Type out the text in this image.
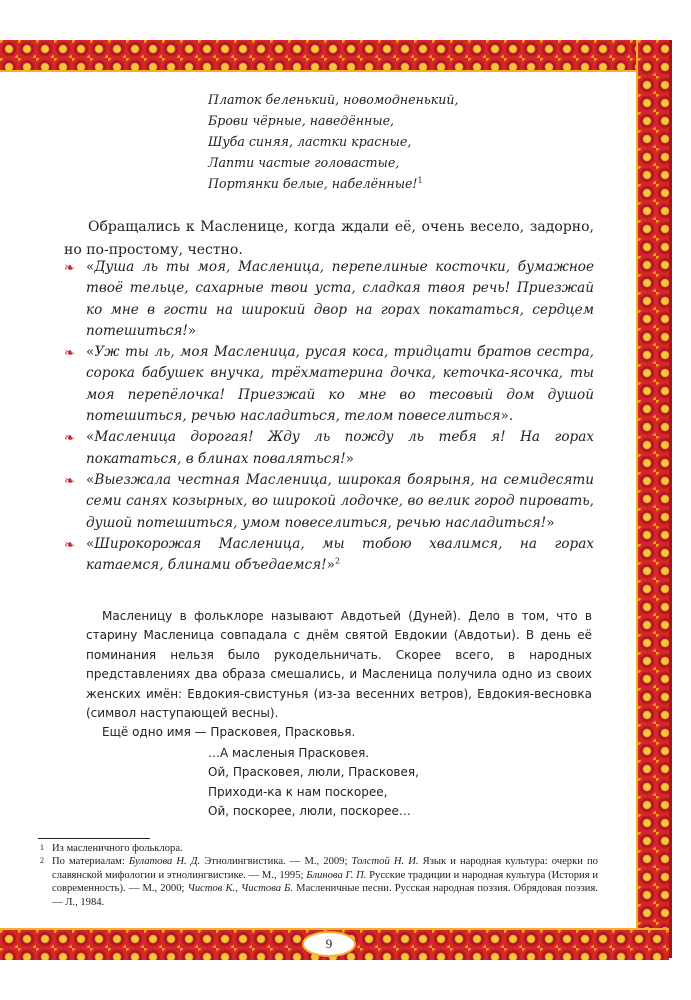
Платок беленький, новомодненький,
Брови чёрные, наведённые,
Шуба синяя, ластки красные,
Лапти частые головастые,
Портянки белые, набелённые!$^1$

Обращались к Масленице, когда ждали её, очень весело, задорно, но по-простому, честно.

❧ «Душа ль ты моя, Масленица, перепелиные косточки, бумажное твоё тельце, сахарные твои уста, сладкая твоя речь! Приезжай ко мне в гости на широкий двор на горах покататься, сердцем потешиться!»

❧ «Уж ты ль, моя Масленица, русая коса, тридцати братов сестра, сорока бабушек внучка, трёхматерина дочка, кеточка-ясочка, ты моя перепёлочка! Приезжай ко мне во тесовый дом душой потешиться, речью насладиться, телом повеселиться».

❧ «Масленица дорогая! Жду ль пожду ль тебя я! На горах покататься, в блинах поваляться!»

❧ «Выезжала честная Масленица, широкая боярыня, на семидесяти семи санях козырных, во широкой лодочке, во велик город пировать, душой потешиться, умом повеселиться, речью насладиться!»

❧ «Широкорожая Масленица, мы тобою хвалимся, на горах катаемся, блинами объедаемся!»$^2$

Масленицу в фольклоре называют Авдотьей (Дуней). Дело в том, что в старину Масленица совпадала с днём святой Евдокии (Авдотьи). В день её поминания нельзя было рукодельничать. Скорее всего, в народных представлениях два образа смешались, и Масленица получила одно из своих женских имён: Евдокия-свистунья (из-за весенних ветров), Евдокия-весновка (символ наступающей весны).

Ещё одно имя — Прасковея, Прасковья.

…А масленыя Прасковея.
Ой, Прасковея, люли, Прасковея,
Приходи-ка к нам поскорее,
Ой, поскорее, люли, поскорее…

1 Из масленичного фольклора.

2 По материалам: Булатова Н. Д. Этнолингвистика. — М., 2009; Толстой Н. И. Язык и народная культура: очерки по славянской мифологии и этнолингвистике. — М., 1995; Блинова Г. П. Русские традиции и народная культура (История и современность). — М., 2000; Чистов К., Чистова Б. Масленичные песни. Русская народная поэзия. Обрядовая поэзия. — Л., 1984.

9
